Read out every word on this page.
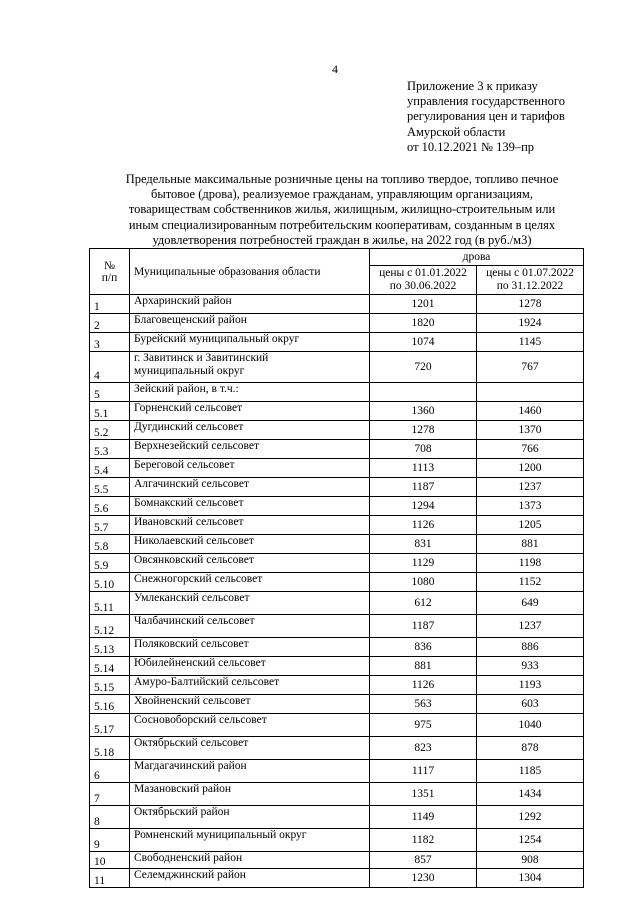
4
Приложение 3 к приказу
управления государственного
регулирования цен и тарифов
Амурской области
от 10.12.2021 № 139–пр
Предельные максимальные розничные цены на топливо твердое, топливо печное
бытовое (дрова), реализуемое гражданам, управляющим организациям,
товариществам собственников жилья, жилищным, жилищно-строительным или
иным специализированным потребительским кооперативам, созданным в целях
удовлетворения потребностей граждан в жилье, на 2022 год (в руб./м3)
№
п/п	Муниципальные образования области	дрова	
		цены с 01.01.2022
по 30.06.2022	цены с 01.07.2022
по 31.12.2022
1	Архаринский район	1201	1278
2	Благовещенский район	1820	1924
3	Бурейский муниципальный округ	1074	1145
4	г. Завитинск и Завитинский
муниципальный округ	720	767
5	Зейский район, в т.ч.:		
5.1	Горненский сельсовет	1360	1460
5.2	Дугдинский сельсовет	1278	1370
5.3	Верхнезейский сельсовет	708	766
5.4	Береговой сельсовет	1113	1200
5.5	Алгачинский сельсовет	1187	1237
5.6	Бомнакский сельсовет	1294	1373
5.7	Ивановский сельсовет	1126	1205
5.8	Николаевский сельсовет	831	881
5.9	Овсянковский сельсовет	1129	1198
5.10	Снежногорский сельсовет	1080	1152
5.11	Умлеканский сельсовет	612	649
5.12	Чалбачинский сельсовет	1187	1237
5.13	Поляковский сельсовет	836	886
5.14	Юбилейненский сельсовет	881	933
5.15	Амуро-Балтийский сельсовет	1126	1193
5.16	Хвойненский сельсовет	563	603
5.17	Сосновоборский сельсовет	975	1040
5.18	Октябрьский сельсовет	823	878
6	Магдагачинский район	1117	1185
7	Мазановский район	1351	1434
8	Октябрьский район	1149	1292
9	Ромненский муниципальный округ	1182	1254
10	Свободненский район	857	908
11	Селемджинский район	1230	1304
